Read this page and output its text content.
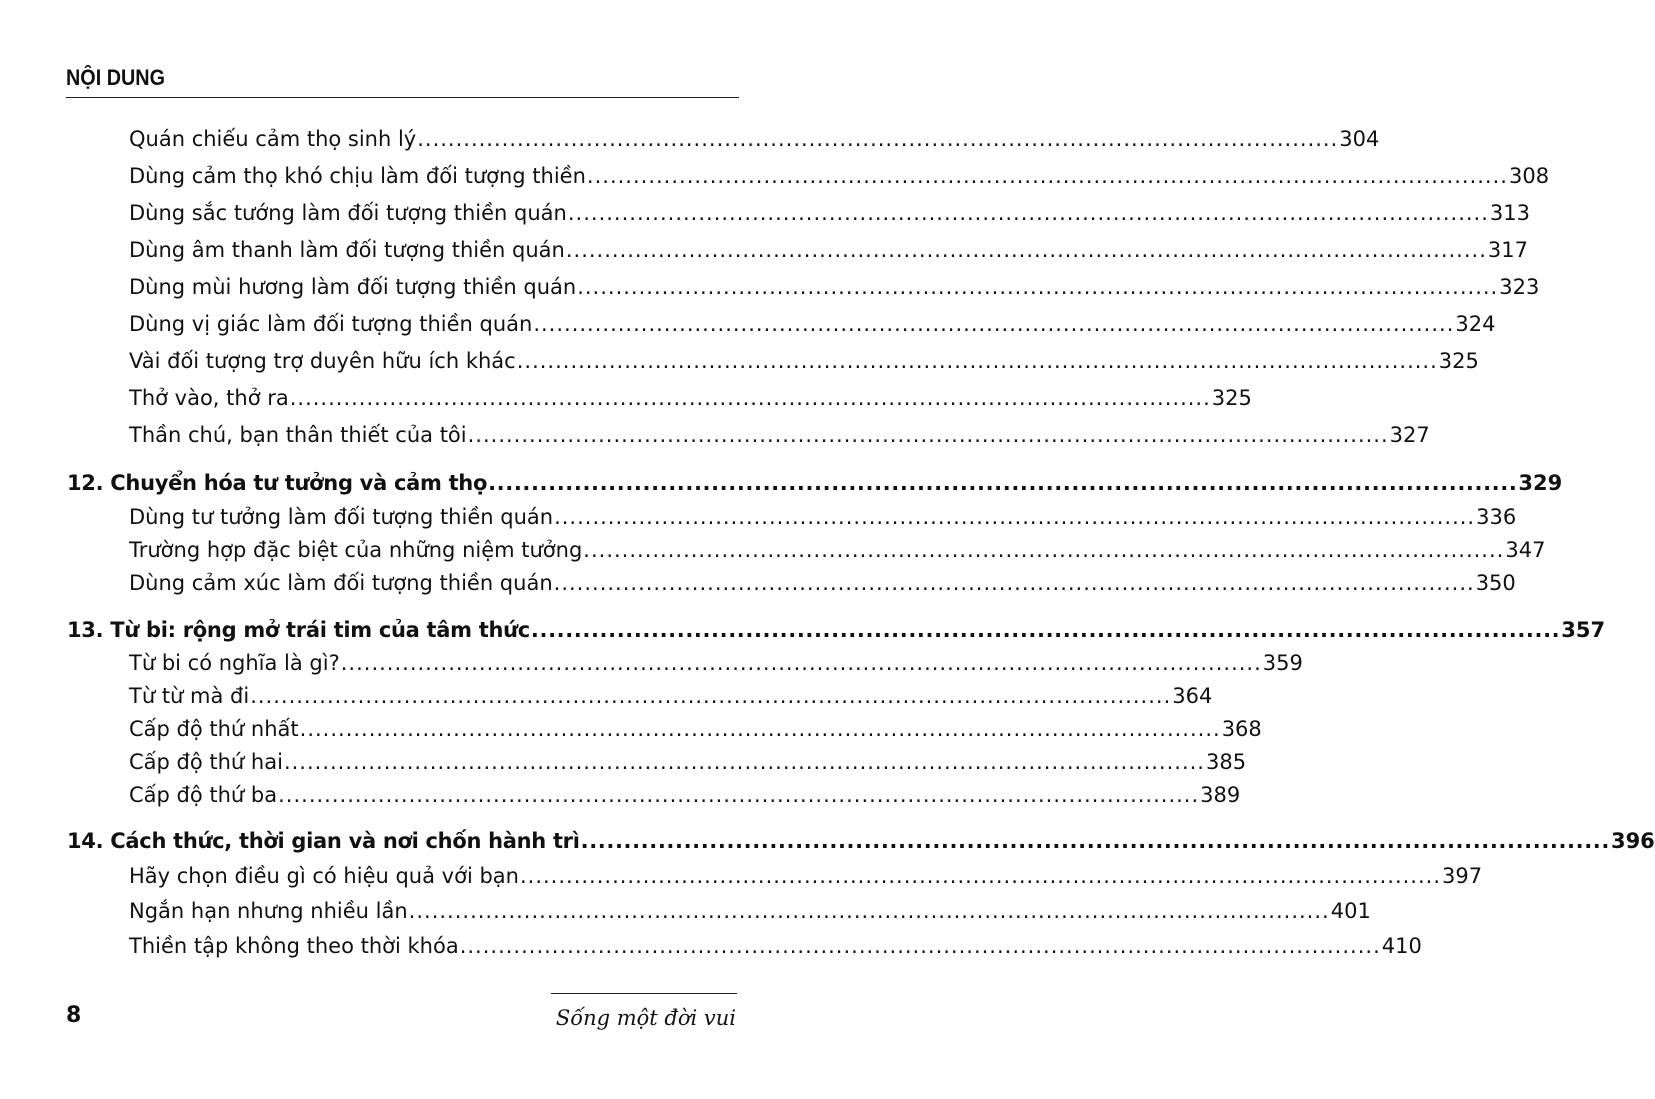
NỘI DUNG
Quán chiếu cảm thọ sinh lý ........................................................................................................................ 304
Dùng cảm thọ khó chịu làm đối tượng thiền ........................................................................................................................ 308
Dùng sắc tướng làm đối tượng thiền quán ........................................................................................................................ 313
Dùng âm thanh làm đối tượng thiền quán ........................................................................................................................ 317
Dùng mùi hương làm đối tượng thiền quán ........................................................................................................................ 323
Dùng vị giác làm đối tượng thiền quán ........................................................................................................................ 324
Vài đối tượng trợ duyên hữu ích khác ........................................................................................................................ 325
Thở vào, thở ra ........................................................................................................................ 325
Thần chú, bạn thân thiết của tôi ........................................................................................................................ 327
12. Chuyển hóa tư tưởng và cảm thọ ........................................................................................................................ 329
Dùng tư tưởng làm đối tượng thiền quán ........................................................................................................................ 336
Trường hợp đặc biệt của những niệm tưởng ........................................................................................................................ 347
Dùng cảm xúc làm đối tượng thiền quán ........................................................................................................................ 350
13. Từ bi: rộng mở trái tim của tâm thức ........................................................................................................................ 357
Từ bi có nghĩa là gì? ........................................................................................................................ 359
Từ từ mà đi ........................................................................................................................ 364
Cấp độ thứ nhất ........................................................................................................................ 368
Cấp độ thứ hai ........................................................................................................................ 385
Cấp độ thứ ba ........................................................................................................................ 389
14. Cách thức, thời gian và nơi chốn hành trì ........................................................................................................................ 396
Hãy chọn điều gì có hiệu quả với bạn ........................................................................................................................ 397
Ngắn hạn nhưng nhiều lần ........................................................................................................................ 401
Thiền tập không theo thời khóa ........................................................................................................................ 410
8	Sống một đời vui
